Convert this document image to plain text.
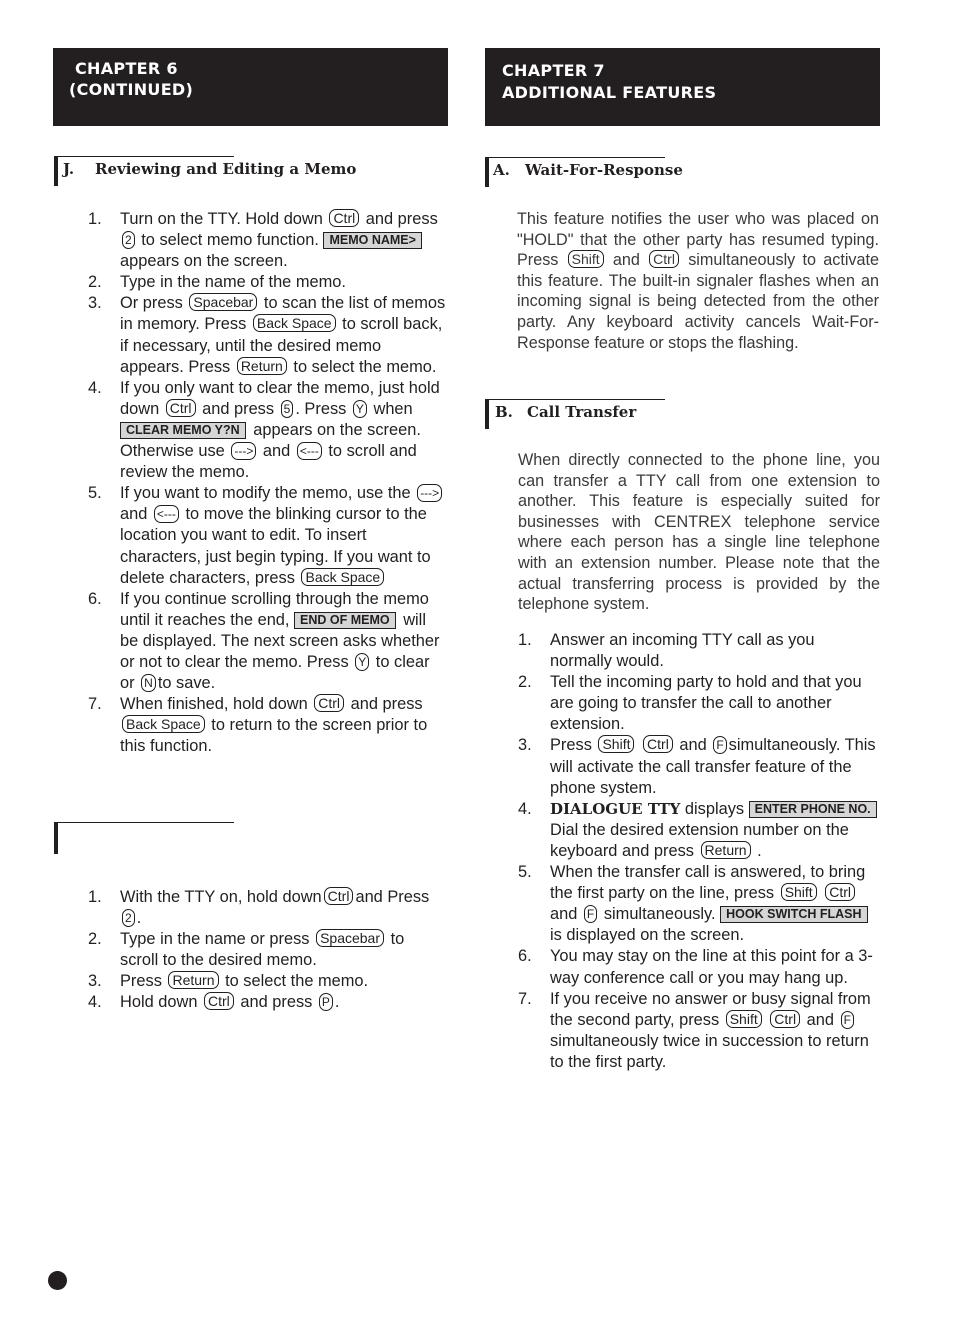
CHAPTER 6
(CONTINUED)
CHAPTER 7
ADDITIONAL FEATURES
J. Reviewing and Editing a Memo
1. Turn on the TTY. Hold down Ctrl and press 2 to select memo function. MEMO NAME> appears on the screen.
2. Type in the name of the memo.
3. Or press Spacebar to scan the list of memos in memory. Press Back Space to scroll back, if necessary, until the desired memo appears. Press Return to select the memo.
4. If you only want to clear the memo, just hold down Ctrl and press 5 . Press Y when CLEAR MEMO Y?N appears on the screen. Otherwise use ---> and <--- to scroll and review the memo.
5. If you want to modify the memo, use the ---> and <--- to move the blinking cursor to the location you want to edit. To insert characters, just begin typing. If you want to delete characters, press Back Space
6. If you continue scrolling through the memo until it reaches the end, END OF MEMO will be displayed. The next screen asks whether or not to clear the memo. Press Y to clear or N to save.
7. When finished, hold down Ctrl and press Back Space to return to the screen prior to this function.
1. With the TTY on, hold down Ctrl and Press 2 .
2. Type in the name or press Spacebar to scroll to the desired memo.
3. Press Return to select the memo.
4. Hold down Ctrl and press P .
A. Wait-For-Response
This feature notifies the user who was placed on "HOLD" that the other party has resumed typing. Press Shift and Ctrl simultaneously to activate this feature. The built-in signaler flashes when an incoming signal is being detected from the other party. Any keyboard activity cancels Wait-For-Response feature or stops the flashing.
B. Call Transfer
When directly connected to the phone line, you can transfer a TTY call from one extension to another. This feature is especially suited for businesses with CENTREX telephone service where each person has a single line telephone with an extension number. Please note that the actual transferring process is provided by the telephone system.
1. Answer an incoming TTY call as you normally would.
2. Tell the incoming party to hold and that you are going to transfer the call to another extension.
3. Press Shift Ctrl and F simultaneously. This will activate the call transfer feature of the phone system.
4. DIALOGUE TTY displays ENTER PHONE NO. Dial the desired extension number on the keyboard and press Return .
5. When the transfer call is answered, to bring the first party on the line, press Shift Ctrl and F simultaneously. HOOK SWITCH FLASH is displayed on the screen.
6. You may stay on the line at this point for a 3-way conference call or you may hang up.
7. If you receive no answer or busy signal from the second party, press Shift Ctrl and F simultaneously twice in succession to return to the first party.
